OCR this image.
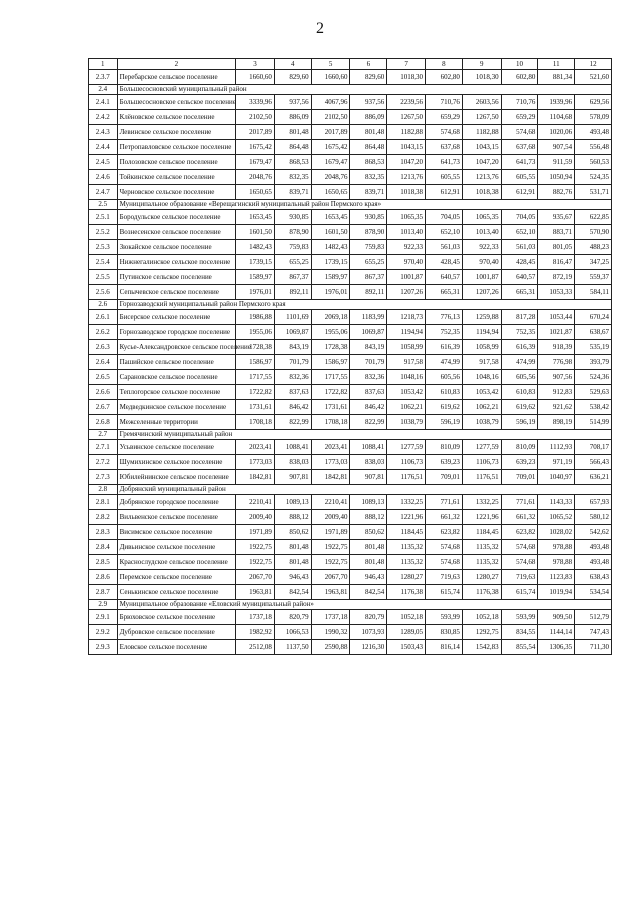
2
1	2	3	4	5	6	7	8	9	10	11	12
2.3.7	Перебарское сельское поселение	1660,60	829,60	1660,60	829,60	1018,30	602,80	1018,30	602,80	881,34	521,60
2.4	Большесосновский муниципальный район										
2.4.1	Большесосновское сельское поселение	3339,96	937,56	4067,96	937,56	2239,56	710,76	2603,56	710,76	1939,96	629,56
2.4.2	Клёновское сельское поселение	2102,50	886,09	2102,50	886,09	1267,50	659,29	1267,50	659,29	1104,68	578,09
2.4.3	Левинское сельское поселение	2017,89	801,48	2017,89	801,48	1182,88	574,68	1182,88	574,68	1020,06	493,48
2.4.4	Петропавловское сельское поселение	1675,42	864,48	1675,42	864,48	1043,15	637,68	1043,15	637,68	907,54	556,48
2.4.5	Полозовское сельское поселение	1679,47	868,53	1679,47	868,53	1047,20	641,73	1047,20	641,73	911,59	560,53
2.4.6	Тойкинское сельское поселение	2048,76	832,35	2048,76	832,35	1213,76	605,55	1213,76	605,55	1050,94	524,35
2.4.7	Черновское сельское поселение	1650,65	839,71	1650,65	839,71	1018,38	612,91	1018,38	612,91	882,76	531,71
2.5	Муниципальное образование «Верещагинский муниципальный район Пермского края»										
2.5.1	Бородульское сельское поселение	1653,45	930,85	1653,45	930,85	1065,35	704,05	1065,35	704,05	935,67	622,85
2.5.2	Вознесенское сельское поселение	1601,50	878,90	1601,50	878,90	1013,40	652,10	1013,40	652,10	883,71	570,90
2.5.3	Зюкайское сельское поселение	1482,43	759,83	1482,43	759,83	922,33	561,03	922,33	561,03	801,05	488,23
2.5.4	Нижнегалинское сельское поселение	1739,15	655,25	1739,15	655,25	970,40	428,45	970,40	428,45	816,47	347,25
2.5.5	Путинское сельское поселение	1589,97	867,37	1589,97	867,37	1001,87	640,57	1001,87	640,57	872,19	559,37
2.5.6	Сепычевское сельское поселение	1976,01	892,11	1976,01	892,11	1207,26	665,31	1207,26	665,31	1053,33	584,11
2.6	Горнозаводский муниципальный район Пермского края										
2.6.1	Бисерское сельское поселение	1986,88	1101,69	2069,18	1183,99	1218,73	776,13	1259,88	817,28	1053,44	670,24
2.6.2	Горнозаводское городское поселение	1955,06	1069,87	1955,06	1069,87	1194,94	752,35	1194,94	752,35	1021,87	638,67
2.6.3	Кусье-Александровское сельское поселение	1728,38	843,19	1728,38	843,19	1058,99	616,39	1058,99	616,39	918,39	535,19
2.6.4	Пашийское сельское поселение	1586,97	701,79	1586,97	701,79	917,58	474,99	917,58	474,99	776,98	393,79
2.6.5	Сарановское сельское поселение	1717,55	832,36	1717,55	832,36	1048,16	605,56	1048,16	605,56	907,56	524,36
2.6.6	Теплогорское сельское поселение	1722,82	837,63	1722,82	837,63	1053,42	610,83	1053,42	610,83	912,83	529,63
2.6.7	Медведкинское сельское поселение	1731,61	846,42	1731,61	846,42	1062,21	619,62	1062,21	619,62	921,62	538,42
2.6.8	Межселенные территории	1708,18	822,99	1708,18	822,99	1038,79	596,19	1038,79	596,19	898,19	514,99
2.7	Гремячинский муниципальный район										
2.7.1	Усьвинское сельское поселение	2023,41	1088,41	2023,41	1088,41	1277,59	810,09	1277,59	810,09	1112,93	708,17
2.7.2	Шумихинское сельское поселение	1773,03	838,03	1773,03	838,03	1106,73	639,23	1106,73	639,23	971,19	566,43
2.7.3	Юбилейнинское сельское поселение	1842,81	907,81	1842,81	907,81	1176,51	709,01	1176,51	709,01	1040,97	636,21
2.8	Добрянский муниципальный район										
2.8.1	Добрянское городское поселение	2210,41	1089,13	2210,41	1089,13	1332,25	771,61	1332,25	771,61	1143,33	657,93
2.8.2	Вильвенское сельское поселение	2009,40	888,12	2009,40	888,12	1221,96	661,32	1221,96	661,32	1065,52	580,12
2.8.3	Висимское сельское поселение	1971,89	850,62	1971,89	850,62	1184,45	623,82	1184,45	623,82	1028,02	542,62
2.8.4	Дивьинское сельское поселение	1922,75	801,48	1922,75	801,48	1135,32	574,68	1135,32	574,68	978,88	493,48
2.8.5	Краснослудское сельское поселение	1922,75	801,48	1922,75	801,48	1135,32	574,68	1135,32	574,68	978,88	493,48
2.8.6	Перемское сельское поселение	2067,70	946,43	2067,70	946,43	1280,27	719,63	1280,27	719,63	1123,83	638,43
2.8.7	Сенькинское сельское поселение	1963,81	842,54	1963,81	842,54	1176,38	615,74	1176,38	615,74	1019,94	534,54
2.9	Муниципальное образование «Еловский муниципальный район»										
2.9.1	Брюховское сельское поселение	1737,18	820,79	1737,18	820,79	1052,18	593,99	1052,18	593,99	909,50	512,79
2.9.2	Дубровское сельское поселение	1982,92	1066,53	1990,32	1073,93	1289,05	830,85	1292,75	834,55	1144,14	747,43
2.9.3	Еловское сельское поселение	2512,08	1137,50	2590,88	1216,30	1503,43	816,14	1542,83	855,54	1306,35	711,30
